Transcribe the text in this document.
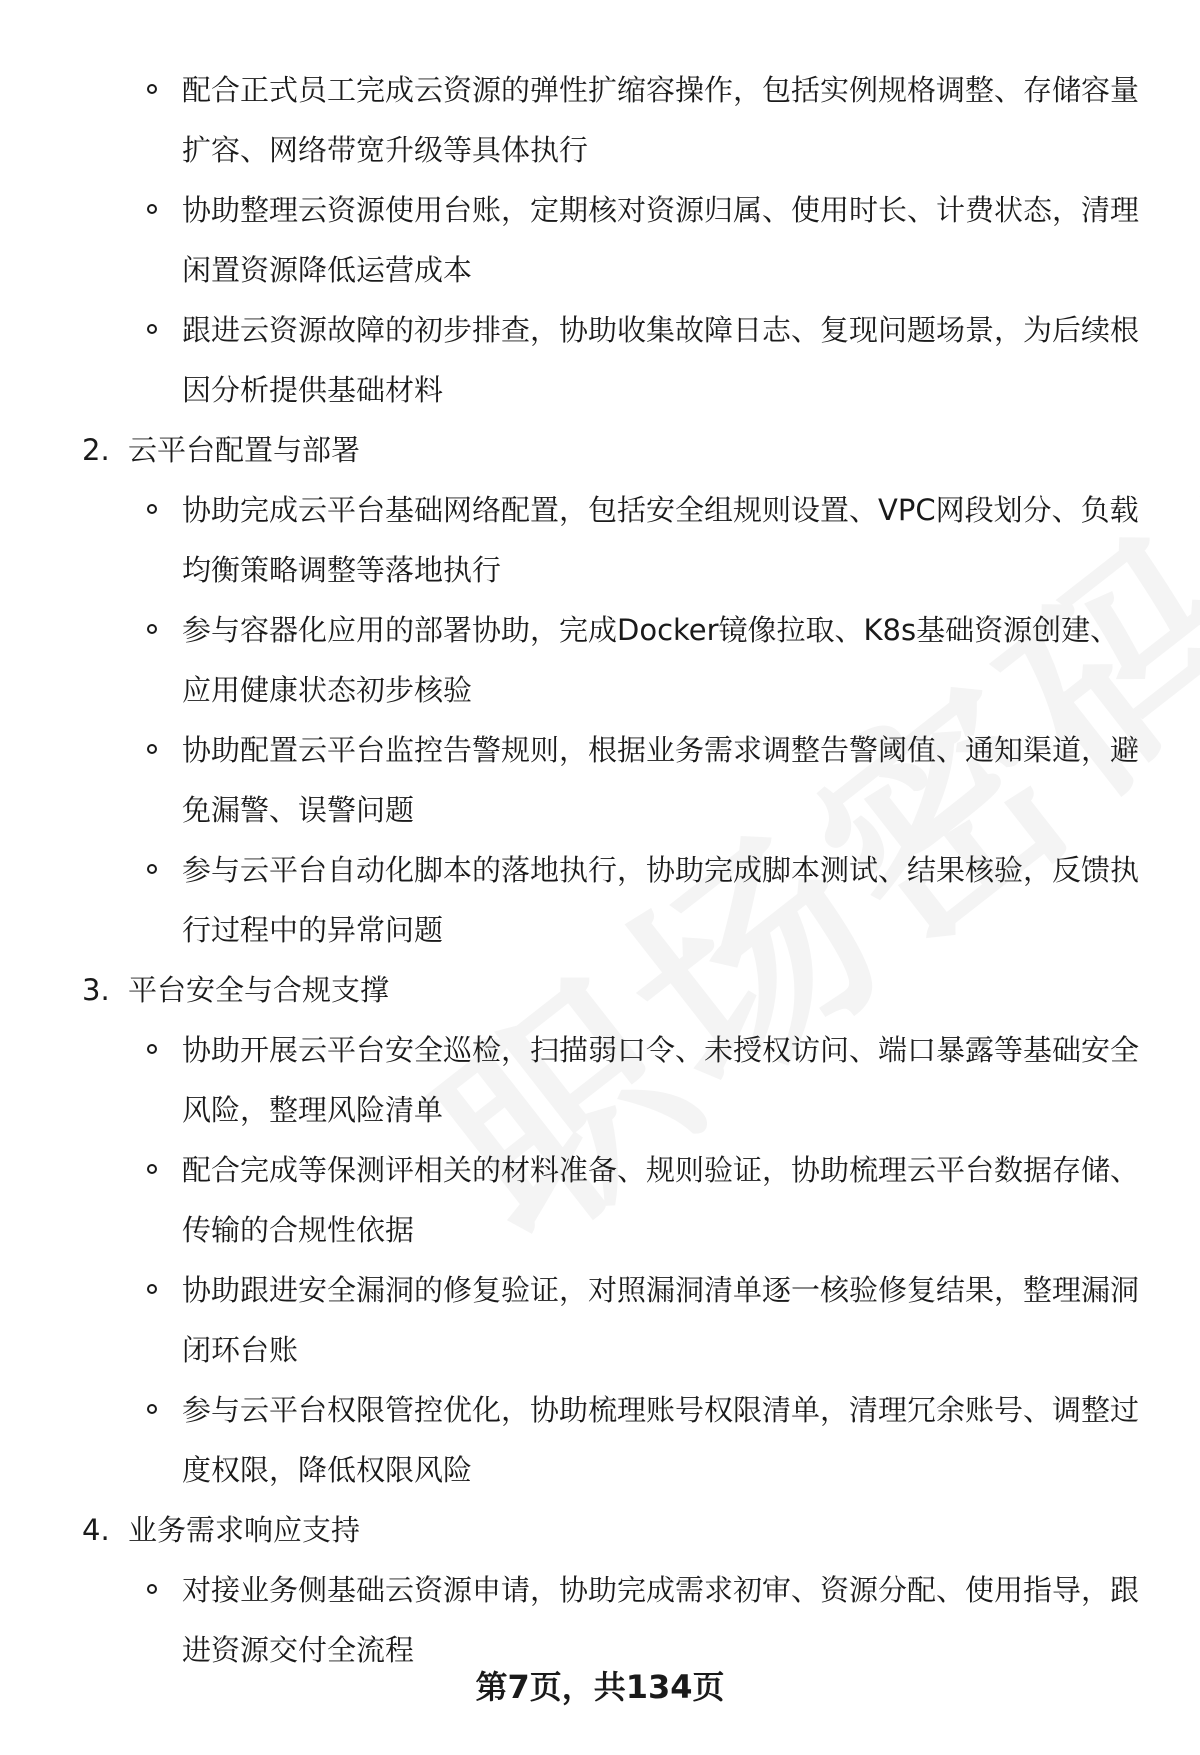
配合正式员工完成云资源的弹性扩缩容操作，包括实例规格调整、存储容量扩容、网络带宽升级等具体执行
协助整理云资源使用台账，定期核对资源归属、使用时长、计费状态，清理闲置资源降低运营成本
跟进云资源故障的初步排查，协助收集故障日志、复现问题场景，为后续根因分析提供基础材料

2. 云平台配置与部署

协助完成云平台基础网络配置，包括安全组规则设置、VPC网段划分、负载均衡策略调整等落地执行
参与容器化应用的部署协助，完成Docker镜像拉取、K8s基础资源创建、应用健康状态初步核验
协助配置云平台监控告警规则，根据业务需求调整告警阈值、通知渠道，避免漏警、误警问题
参与云平台自动化脚本的落地执行，协助完成脚本测试、结果核验，反馈执行过程中的异常问题

3. 平台安全与合规支撑

协助开展云平台安全巡检，扫描弱口令、未授权访问、端口暴露等基础安全风险，整理风险清单
配合完成等保测评相关的材料准备、规则验证，协助梳理云平台数据存储、传输的合规性依据
协助跟进安全漏洞的修复验证，对照漏洞清单逐一核验修复结果，整理漏洞闭环台账
参与云平台权限管控优化，协助梳理账号权限清单，清理冗余账号、调整过度权限，降低权限风险

4. 业务需求响应支持

对接业务侧基础云资源申请，协助完成需求初审、资源分配、使用指导，跟进资源交付全流程
第7页，共134页
